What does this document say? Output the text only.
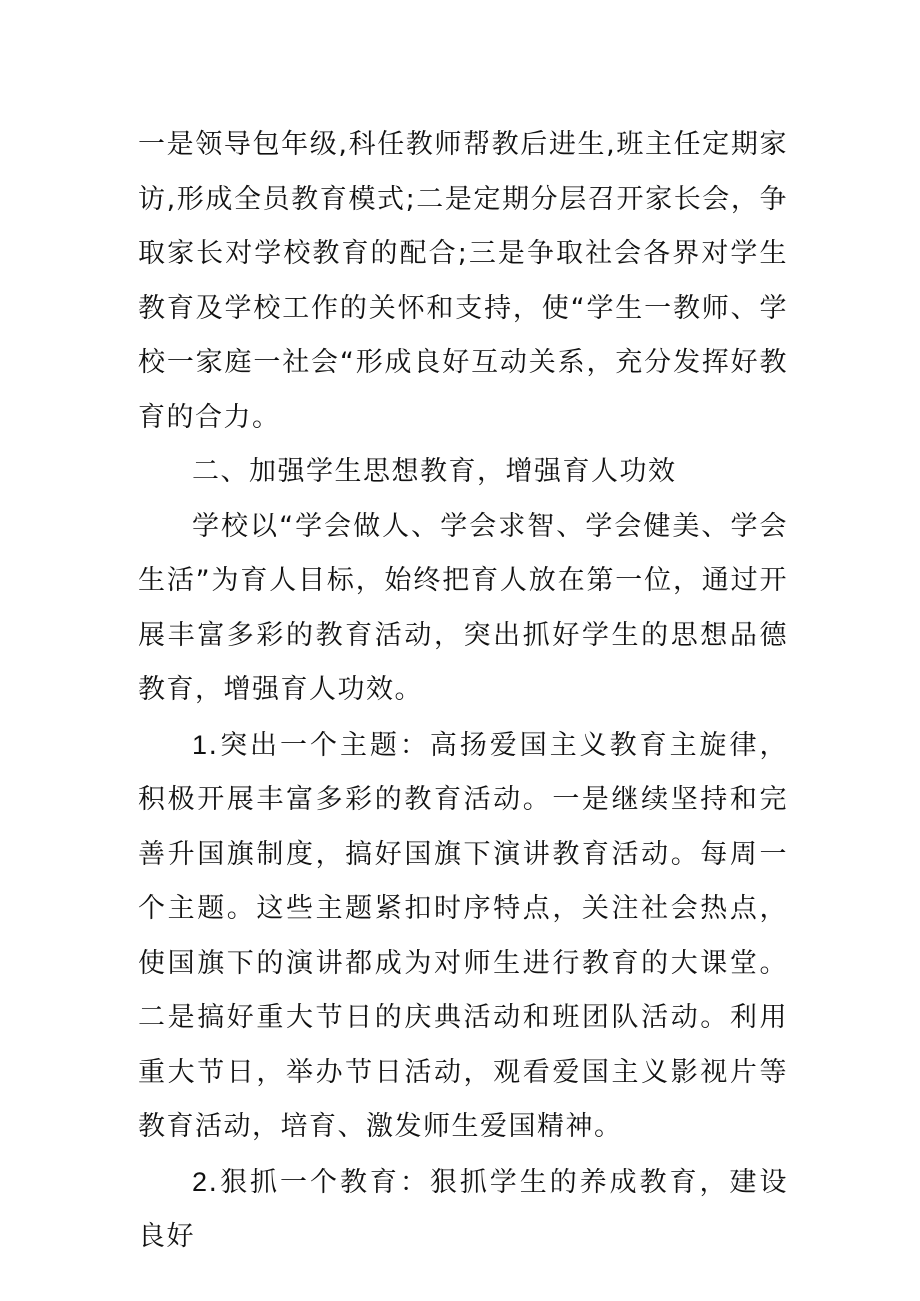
一是领导包年级,科任教师帮教后进生,班主任定期家访,形成全员教育模式;二是定期分层召开家长会，争取家长对学校教育的配合;三是争取社会各界对学生教育及学校工作的关怀和支持，使“学生一教师、学校一家庭一社会“形成良好互动关系，充分发挥好教育的合力。

二、加强学生思想教育，增强育人功效

学校以“学会做人、学会求智、学会健美、学会生活”为育人目标，始终把育人放在第一位，通过开展丰富多彩的教育活动，突出抓好学生的思想品德教育，增强育人功效。

1.突出一个主题：高扬爱国主义教育主旋律，积极开展丰富多彩的教育活动。一是继续坚持和完善升国旗制度，搞好国旗下演讲教育活动。每周一个主题。这些主题紧扣时序特点，关注社会热点，使国旗下的演讲都成为对师生进行教育的大课堂。二是搞好重大节日的庆典活动和班团队活动。利用重大节日，举办节日活动，观看爱国主义影视片等教育活动，培育、激发师生爱国精神。

2.狠抓一个教育：狠抓学生的养成教育，建设良好
